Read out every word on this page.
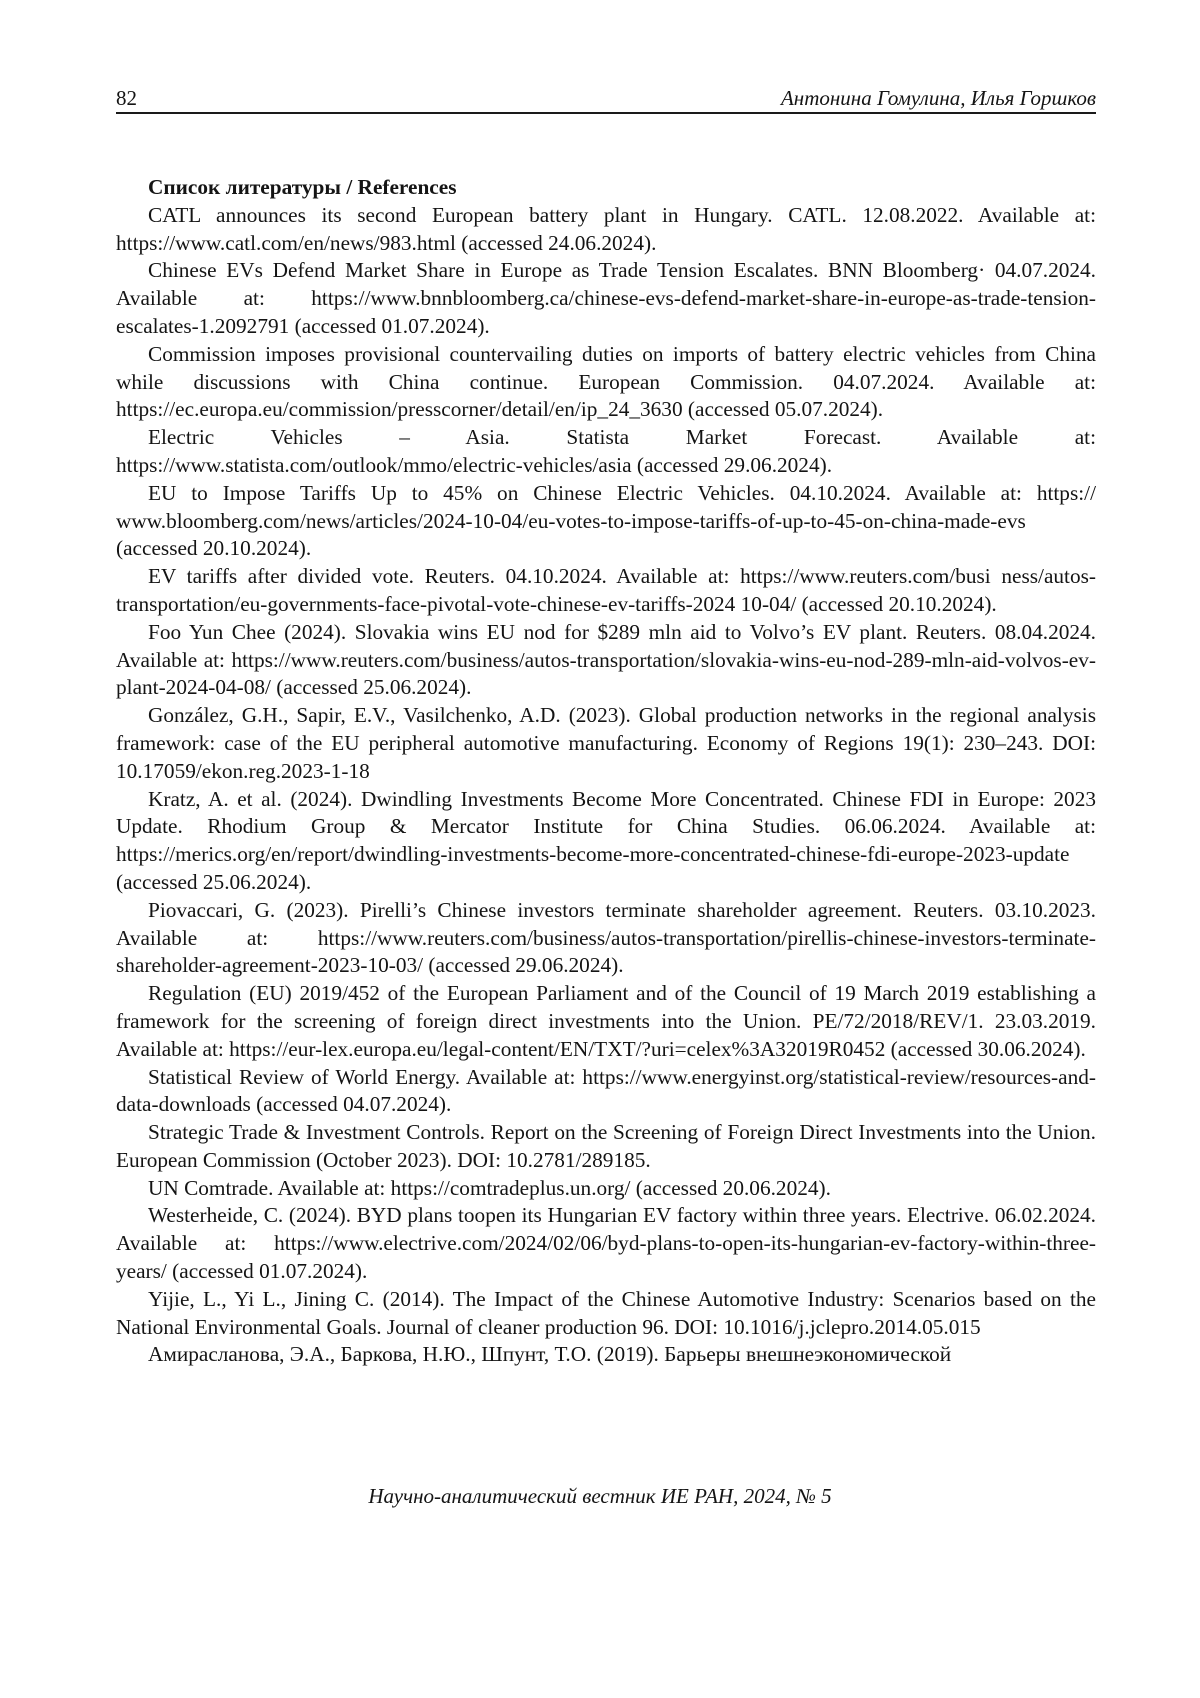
82	Антонина Гомулина, Илья Горшков

Список литературы / References

CATL announces its second European battery plant in Hungary. CATL. 12.08.2022. Available at: https://www.catl.com/en/news/983.html (accessed 24.06.2024).

Chinese EVs Defend Market Share in Europe as Trade Tension Escalates. BNN Bloomberg· 04.07.2024. Available at: https://www.bnnbloomberg.ca/chinese-evs-defend-market-share-in-europe-as-trade-tension-escalates-1.2092791 (accessed 01.07.2024).

Commission imposes provisional countervailing duties on imports of battery electric vehicles from China while discussions with China continue. European Commission. 04.07.2024. Available at: https://ec.europa.eu/commission/presscorner/detail/en/ip_24_3630 (accessed 05.07.2024).

Electric Vehicles – Asia. Statista Market Forecast. Available at: https://www.statista.com/outlook/mmo/electric-vehicles/asia (accessed 29.06.2024).

EU to Impose Tariffs Up to 45% on Chinese Electric Vehicles. 04.10.2024. Available at: https:// www.bloomberg.com/news/articles/2024-10-04/eu-votes-to-impose-tariffs-of-up-to-45-on-china-made-evs (accessed 20.10.2024).

EV tariffs after divided vote. Reuters. 04.10.2024. Available at: https://www.reuters.com/busi ness/autos-transportation/eu-governments-face-pivotal-vote-chinese-ev-tariffs-2024 10-04/ (accessed 20.10.2024).

Foo Yun Chee (2024). Slovakia wins EU nod for $289 mln aid to Volvo’s EV plant. Reuters. 08.04.2024. Available at: https://www.reuters.com/business/autos-transportation/slovakia-wins-eu-nod-289-mln-aid-volvos-ev-plant-2024-04-08/ (accessed 25.06.2024).

González, G.H., Sapir, E.V., Vasilchenko, A.D. (2023). Global production networks in the regional analysis framework: case of the EU peripheral automotive manufacturing. Economy of Regions 19(1): 230–243. DOI: 10.17059/ekon.reg.2023-1-18

Kratz, A. et al. (2024). Dwindling Investments Become More Concentrated. Chinese FDI in Europe: 2023 Update. Rhodium Group & Mercator Institute for China Studies. 06.06.2024. Available at: https://merics.org/en/report/dwindling-investments-become-more-concentrated-chinese-fdi-europe-2023-update (accessed 25.06.2024).

Piovaccari, G. (2023). Pirelli’s Chinese investors terminate shareholder agreement. Reuters. 03.10.2023. Available at: https://www.reuters.com/business/autos-transportation/pirellis-chinese-investors-terminate-shareholder-agreement-2023-10-03/ (accessed 29.06.2024).

Regulation (EU) 2019/452 of the European Parliament and of the Council of 19 March 2019 establishing a framework for the screening of foreign direct investments into the Union. PE/72/2018/REV/1. 23.03.2019. Available at: https://eur-lex.europa.eu/legal-content/EN/TXT/?uri=celex%3A32019R0452 (accessed 30.06.2024).

Statistical Review of World Energy. Available at: https://www.energyinst.org/statistical-review/resources-and-data-downloads (accessed 04.07.2024).

Strategic Trade & Investment Controls. Report on the Screening of Foreign Direct Investments into the Union. European Commission (October 2023). DOI: 10.2781/289185.

UN Comtrade. Available at: https://comtradeplus.un.org/ (accessed 20.06.2024).

Westerheide, C. (2024). BYD plans toopen its Hungarian EV factory within three years. Electrive. 06.02.2024. Available at: https://www.electrive.com/2024/02/06/byd-plans-to-open-its-hungarian-ev-factory-within-three-years/ (accessed 01.07.2024).

Yijie, L., Yi L., Jining C. (2014). The Impact of the Chinese Automotive Industry: Scenarios based on the National Environmental Goals. Journal of cleaner production 96. DOI: 10.1016/j.jclepro.2014.05.015

Амирасланова, Э.А., Баркова, Н.Ю., Шпунт, Т.О. (2019). Барьеры внешнеэкономической

Научно-аналитический вестник ИЕ РАН, 2024, № 5
